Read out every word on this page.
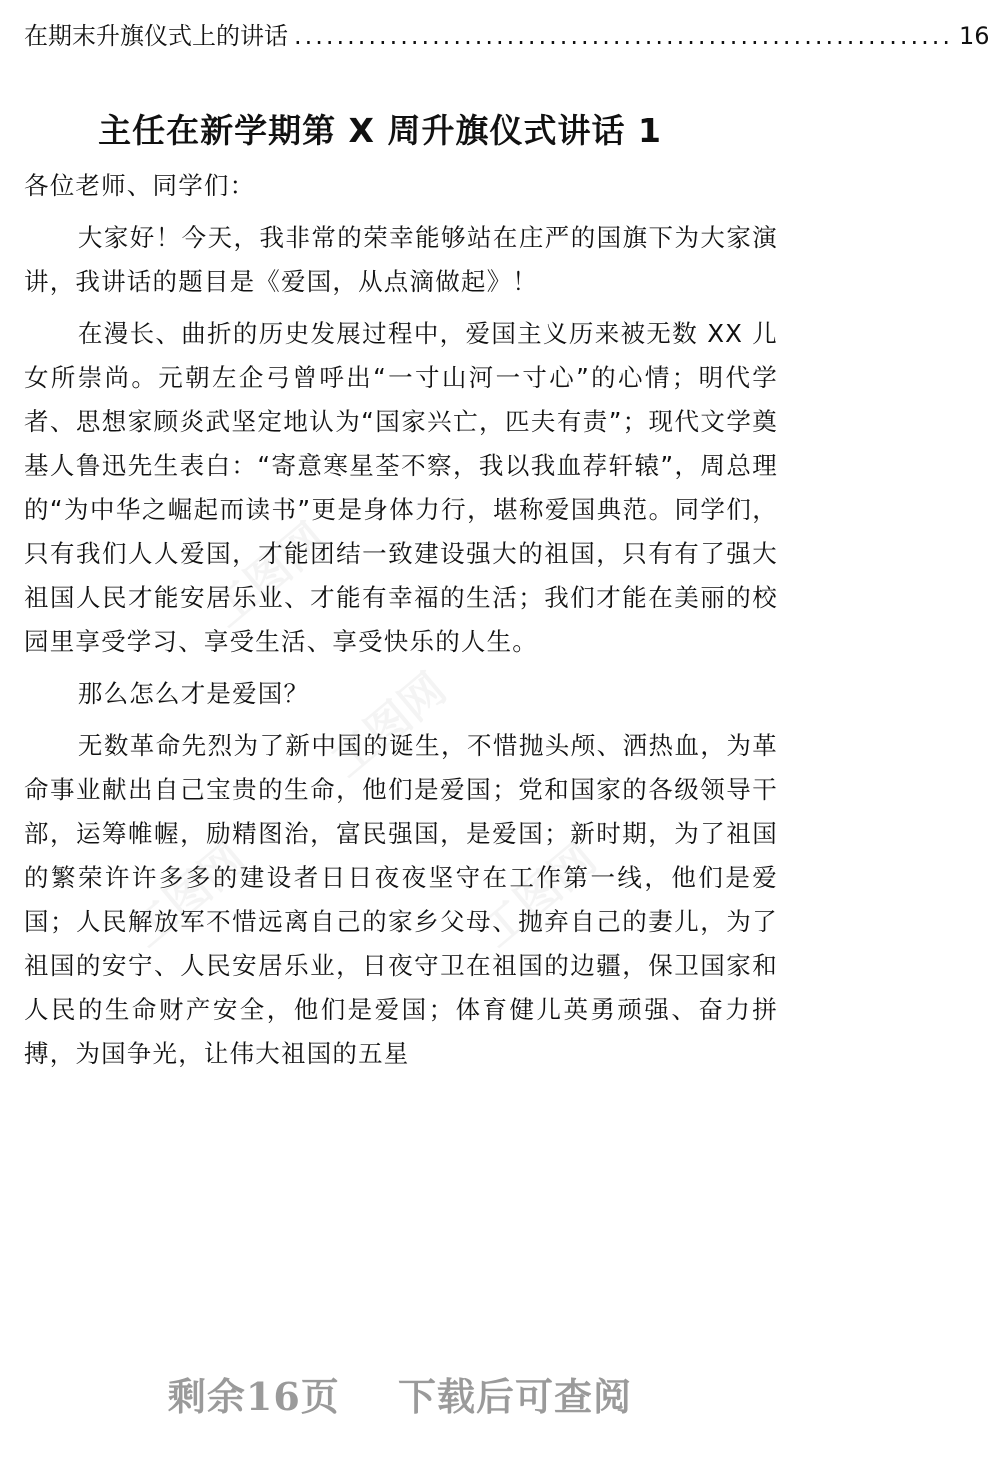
在期末升旗仪式上的讲话 .............................................................. 16
主任在新学期第 X 周升旗仪式讲话 1

各位老师、同学们：

大家好！今天，我非常的荣幸能够站在庄严的国旗下为大家演讲，我讲话的题目是《爱国，从点滴做起》！

在漫长、曲折的历史发展过程中，爱国主义历来被无数 XX 儿女所崇尚。元朝左企弓曾呼出“一寸山河一寸心”的心情；明代学者、思想家顾炎武坚定地认为“国家兴亡，匹夫有责”；现代文学奠基人鲁迅先生表白：“寄意寒星荃不察，我以我血荐轩辕”，周总理的“为中华之崛起而读书”更是身体力行，堪称爱国典范。同学们，只有我们人人爱国，才能团结一致建设强大的祖国，只有有了强大祖国人民才能安居乐业、才能有幸福的生活；我们才能在美丽的校园里享受学习、享受生活、享受快乐的人生。

那么怎么才是爱国？

无数革命先烈为了新中国的诞生，不惜抛头颅、洒热血，为革命事业献出自己宝贵的生命，他们是爱国；党和国家的各级领导干部，运筹帷幄，励精图治，富民强国，是爱国；新时期，为了祖国的繁荣许许多多的建设者日日夜夜坚守在工作第一线，他们是爱国；人民解放军不惜远离自己的家乡父母、抛弃自己的妻儿，为了祖国的安宁、人民安居乐业，日夜守卫在祖国的边疆，保卫国家和人民的生命财产安全，他们是爱国；体育健儿英勇顽强、奋力拼搏，为国争光，让伟大祖国的五星

剩余16页 下载后可查阅
